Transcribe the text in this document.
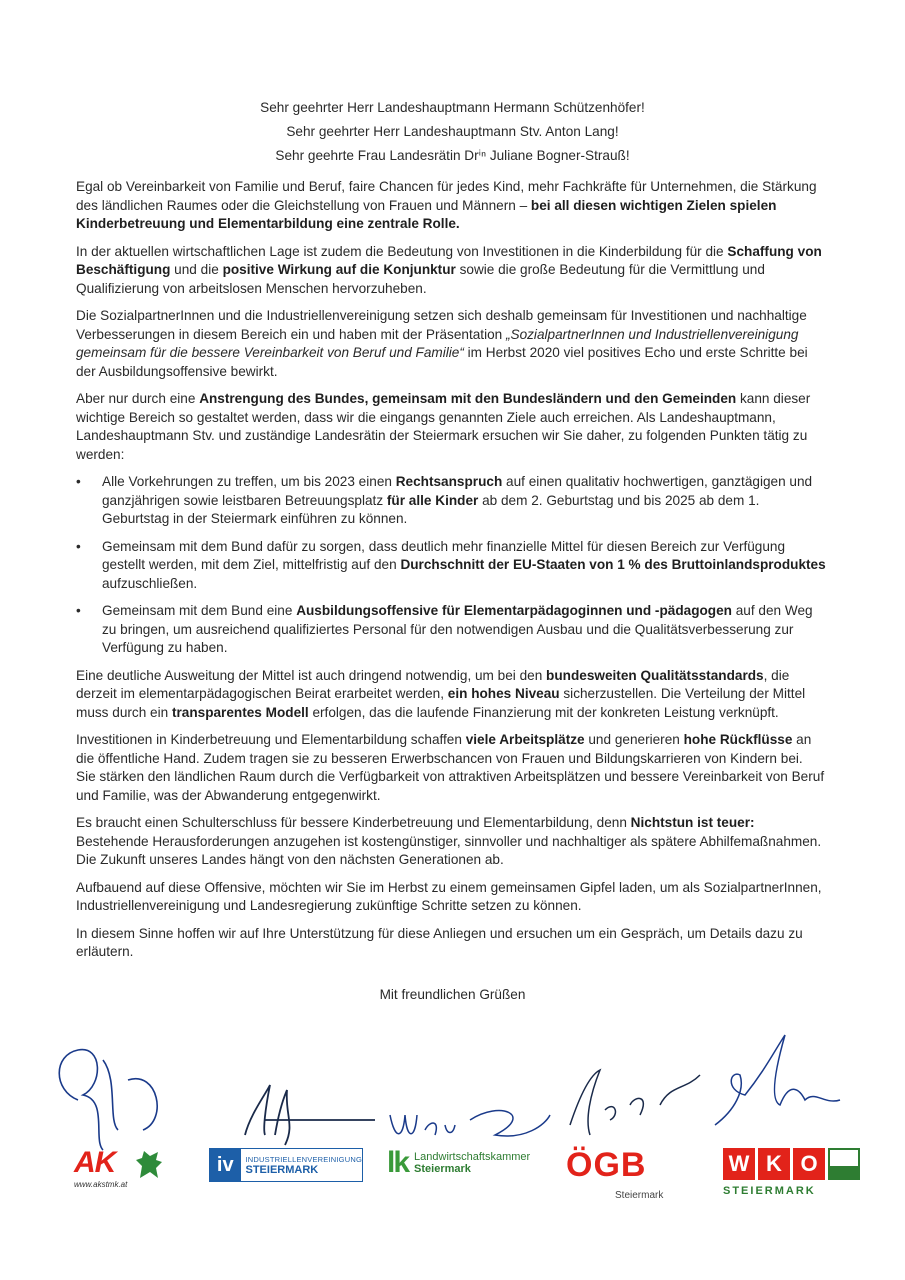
Sehr geehrter Herr Landeshauptmann Hermann Schützenhöfer!
Sehr geehrter Herr Landeshauptmann Stv. Anton Lang!
Sehr geehrte Frau Landesrätin Drⁱⁿ Juliane Bogner-Strauß!

Egal ob Vereinbarkeit von Familie und Beruf, faire Chancen für jedes Kind, mehr Fachkräfte für Unternehmen, die Stärkung des ländlichen Raumes oder die Gleichstellung von Frauen und Männern – bei all diesen wichtigen Zielen spielen Kinderbetreuung und Elementarbildung eine zentrale Rolle.

In der aktuellen wirtschaftlichen Lage ist zudem die Bedeutung von Investitionen in die Kinderbildung für die Schaffung von Beschäftigung und die positive Wirkung auf die Konjunktur sowie die große Bedeutung für die Vermittlung und Qualifizierung von arbeitslosen Menschen hervorzuheben.

Die SozialpartnerInnen und die Industriellenvereinigung setzen sich deshalb gemeinsam für Investitionen und nachhaltige Verbesserungen in diesem Bereich ein und haben mit der Präsentation „SozialpartnerInnen und Industriellenvereinigung gemeinsam für die bessere Vereinbarkeit von Beruf und Familie“ im Herbst 2020 viel positives Echo und erste Schritte bei der Ausbildungsoffensive bewirkt.

Aber nur durch eine Anstrengung des Bundes, gemeinsam mit den Bundesländern und den Gemeinden kann dieser wichtige Bereich so gestaltet werden, dass wir die eingangs genannten Ziele auch erreichen. Als Landeshauptmann, Landeshauptmann Stv. und zuständige Landesrätin der Steiermark ersuchen wir Sie daher, zu folgenden Punkten tätig zu werden:

• Alle Vorkehrungen zu treffen, um bis 2023 einen Rechtsanspruch auf einen qualitativ hochwertigen, ganztägigen und ganzjährigen sowie leistbaren Betreuungsplatz für alle Kinder ab dem 2. Geburtstag und bis 2025 ab dem 1. Geburtstag in der Steiermark einführen zu können.
• Gemeinsam mit dem Bund dafür zu sorgen, dass deutlich mehr finanzielle Mittel für diesen Bereich zur Verfügung gestellt werden, mit dem Ziel, mittelfristig auf den Durchschnitt der EU-Staaten von 1 % des Bruttoinlandsproduktes aufzuschließen.
• Gemeinsam mit dem Bund eine Ausbildungsoffensive für Elementarpädagoginnen und -pädagogen auf den Weg zu bringen, um ausreichend qualifiziertes Personal für den notwendigen Ausbau und die Qualitätsverbesserung zur Verfügung zu haben.

Eine deutliche Ausweitung der Mittel ist auch dringend notwendig, um bei den bundesweiten Qualitätsstandards, die derzeit im elementarpädagogischen Beirat erarbeitet werden, ein hohes Niveau sicherzustellen. Die Verteilung der Mittel muss durch ein transparentes Modell erfolgen, das die laufende Finanzierung mit der konkreten Leistung verknüpft.

Investitionen in Kinderbetreuung und Elementarbildung schaffen viele Arbeitsplätze und generieren hohe Rückflüsse an die öffentliche Hand. Zudem tragen sie zu besseren Erwerbschancen von Frauen und Bildungskarrieren von Kindern bei. Sie stärken den ländlichen Raum durch die Verfügbarkeit von attraktiven Arbeitsplätzen und bessere Vereinbarkeit von Beruf und Familie, was der Abwanderung entgegenwirkt.

Es braucht einen Schulterschluss für bessere Kinderbetreuung und Elementarbildung, denn Nichtstun ist teuer: Bestehende Herausforderungen anzugehen ist kostengünstiger, sinnvoller und nachhaltiger als spätere Abhilfemaßnahmen. Die Zukunft unseres Landes hängt von den nächsten Generationen ab.

Aufbauend auf diese Offensive, möchten wir Sie im Herbst zu einem gemeinsamen Gipfel laden, um als SozialpartnerInnen, Industriellenvereinigung und Landesregierung zukünftige Schritte setzen zu können.

In diesem Sinne hoffen wir auf Ihre Unterstützung für diese Anliegen und ersuchen um ein Gespräch, um Details dazu zu erläutern.

Mit freundlichen Grüßen
AK
www.akstmk.at
iv	INDUSTRIELLENVEREINIGUNG
STEIERMARK	lk Landwirtschaftskammer
Steiermark	ÖGB
Steiermark
W K O
STEIERMARK
